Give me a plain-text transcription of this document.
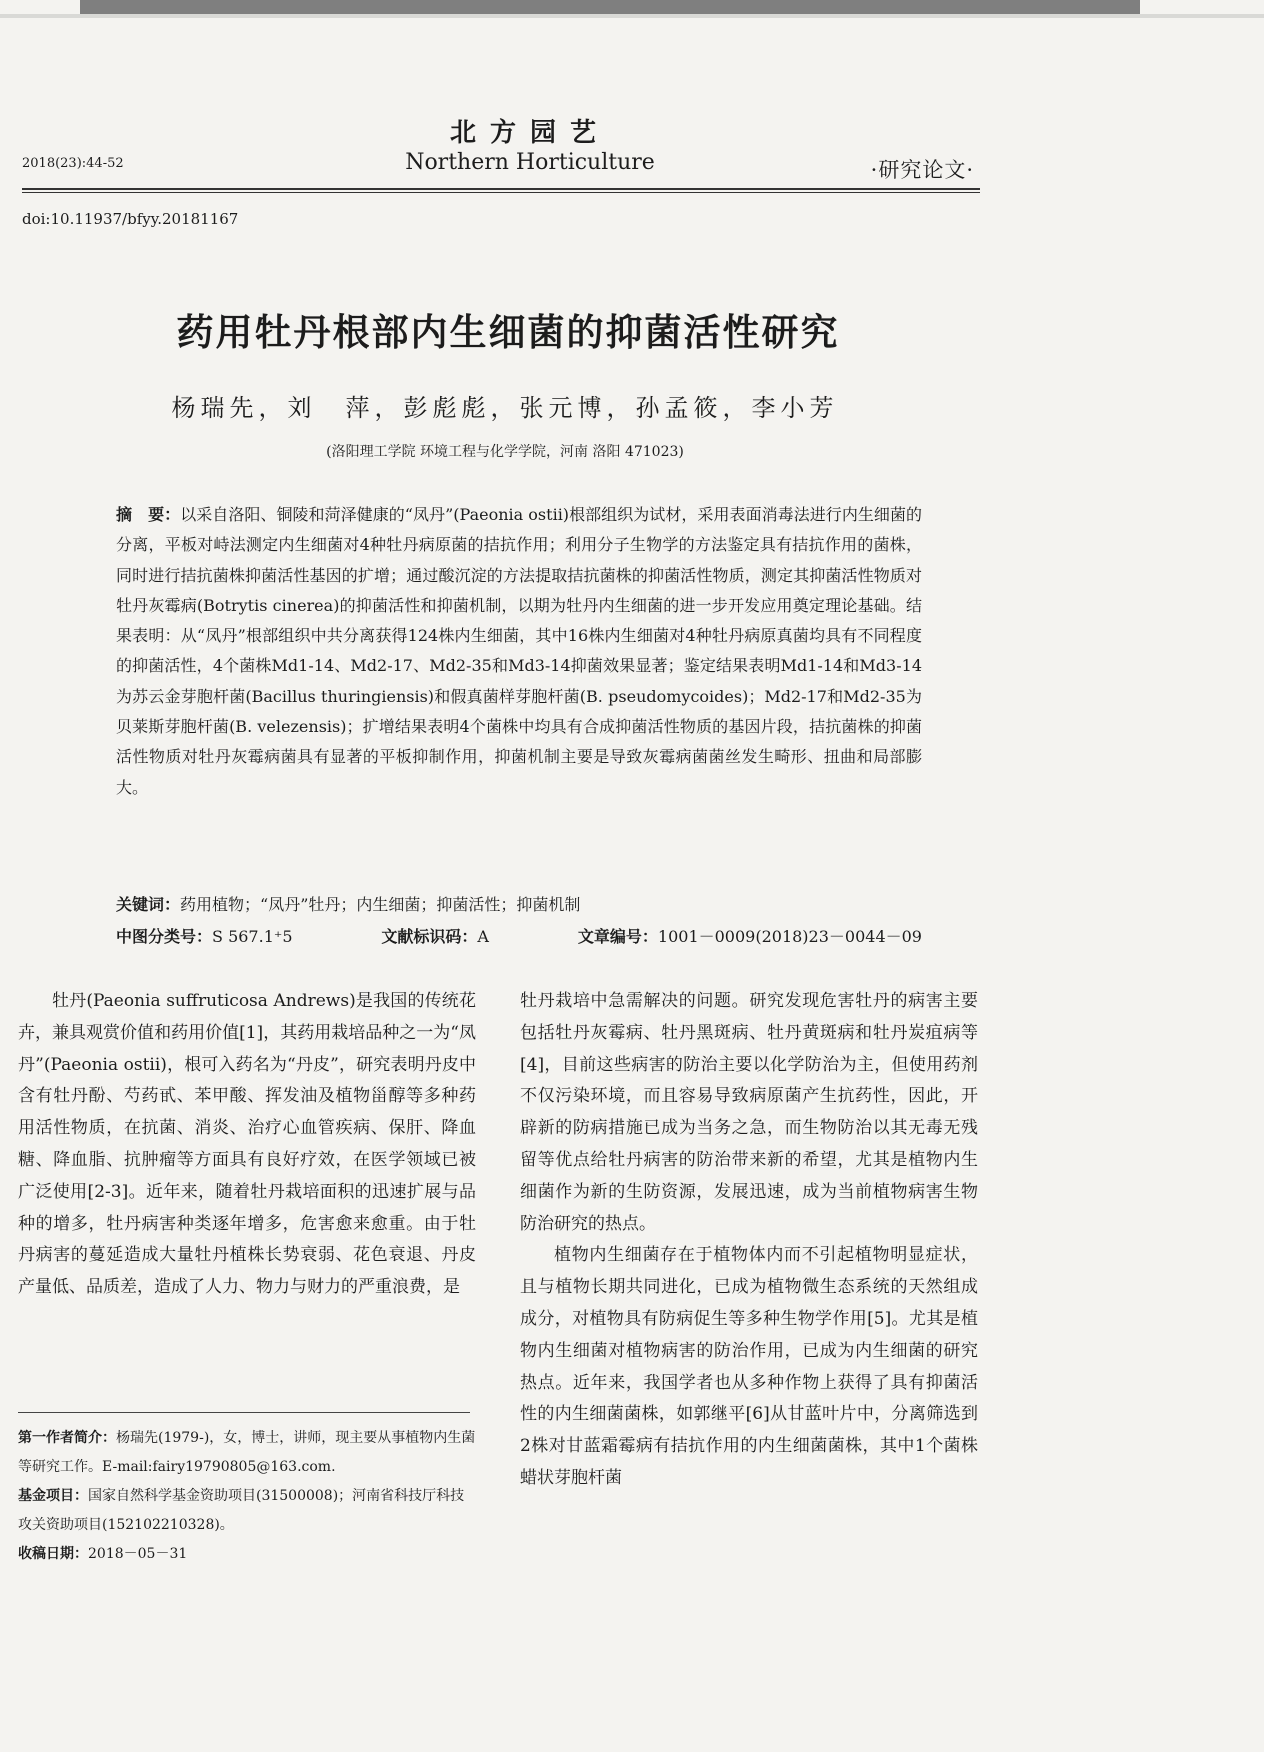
北方园艺
Northern Horticulture
2018(23):44-52	·研究论文·
doi:10.11937/bfyy.20181167
药用牡丹根部内生细菌的抑菌活性研究
杨瑞先，刘　萍，彭彪彪，张元博，孙孟筱，李小芳
(洛阳理工学院 环境工程与化学学院，河南 洛阳 471023)
摘　要：以采自洛阳、铜陵和菏泽健康的“凤丹”(Paeonia ostii)根部组织为试材，采用表面消毒法进行内生细菌的分离，平板对峙法测定内生细菌对4种牡丹病原菌的拮抗作用；利用分子生物学的方法鉴定具有拮抗作用的菌株，同时进行拮抗菌株抑菌活性基因的扩增；通过酸沉淀的方法提取拮抗菌株的抑菌活性物质，测定其抑菌活性物质对牡丹灰霉病(Botrytis cinerea)的抑菌活性和抑菌机制，以期为牡丹内生细菌的进一步开发应用奠定理论基础。结果表明：从“凤丹”根部组织中共分离获得124株内生细菌，其中16株内生细菌对4种牡丹病原真菌均具有不同程度的抑菌活性，4个菌株Md1-14、Md2-17、Md2-35和Md3-14抑菌效果显著；鉴定结果表明Md1-14和Md3-14为苏云金芽胞杆菌(Bacillus thuringiensis)和假真菌样芽胞杆菌(B. pseudomycoides)；Md2-17和Md2-35为贝莱斯芽胞杆菌(B. velezensis)；扩增结果表明4个菌株中均具有合成抑菌活性物质的基因片段，拮抗菌株的抑菌活性物质对牡丹灰霉病菌具有显著的平板抑制作用，抑菌机制主要是导致灰霉病菌菌丝发生畸形、扭曲和局部膨大。
关键词：药用植物；“凤丹”牡丹；内生细菌；抑菌活性；抑菌机制
中图分类号：S 567.1⁺5	文献标识码：A	文章编号：1001－0009(2018)23－0044－09

牡丹(Paeonia suffruticosa Andrews)是我国的传统花卉，兼具观赏价值和药用价值[1]，其药用栽培品种之一为“凤丹”(Paeonia ostii)，根可入药名为“丹皮”，研究表明丹皮中含有牡丹酚、芍药甙、苯甲酸、挥发油及植物甾醇等多种药用活性物质，在抗菌、消炎、治疗心血管疾病、保肝、降血糖、降血脂、抗肿瘤等方面具有良好疗效，在医学领域已被广泛使用[2-3]。近年来，随着牡丹栽培面积的迅速扩展与品种的增多，牡丹病害种类逐年增多，危害愈来愈重。由于牡丹病害的蔓延造成大量牡丹植株长势衰弱、花色衰退、丹皮产量低、品质差，造成了人力、物力与财力的严重浪费，是

牡丹栽培中急需解决的问题。研究发现危害牡丹的病害主要包括牡丹灰霉病、牡丹黑斑病、牡丹黄斑病和牡丹炭疽病等[4]，目前这些病害的防治主要以化学防治为主，但使用药剂不仅污染环境，而且容易导致病原菌产生抗药性，因此，开辟新的防病措施已成为当务之急，而生物防治以其无毒无残留等优点给牡丹病害的防治带来新的希望，尤其是植物内生细菌作为新的生防资源，发展迅速，成为当前植物病害生物防治研究的热点。

植物内生细菌存在于植物体内而不引起植物明显症状，且与植物长期共同进化，已成为植物微生态系统的天然组成成分，对植物具有防病促生等多种生物学作用[5]。尤其是植物内生细菌对植物病害的防治作用，已成为内生细菌的研究热点。近年来，我国学者也从多种作物上获得了具有抑菌活性的内生细菌菌株，如郭继平[6]从甘蓝叶片中，分离筛选到2株对甘蓝霜霉病有拮抗作用的内生细菌菌株，其中1个菌株蜡状芽胞杆菌

第一作者简介：杨瑞先(1979-)，女，博士，讲师，现主要从事植物内生菌等研究工作。E-mail:fairy19790805@163.com.

基金项目：国家自然科学基金资助项目(31500008)；河南省科技厅科技攻关资助项目(152102210328)。

收稿日期：2018－05－31
